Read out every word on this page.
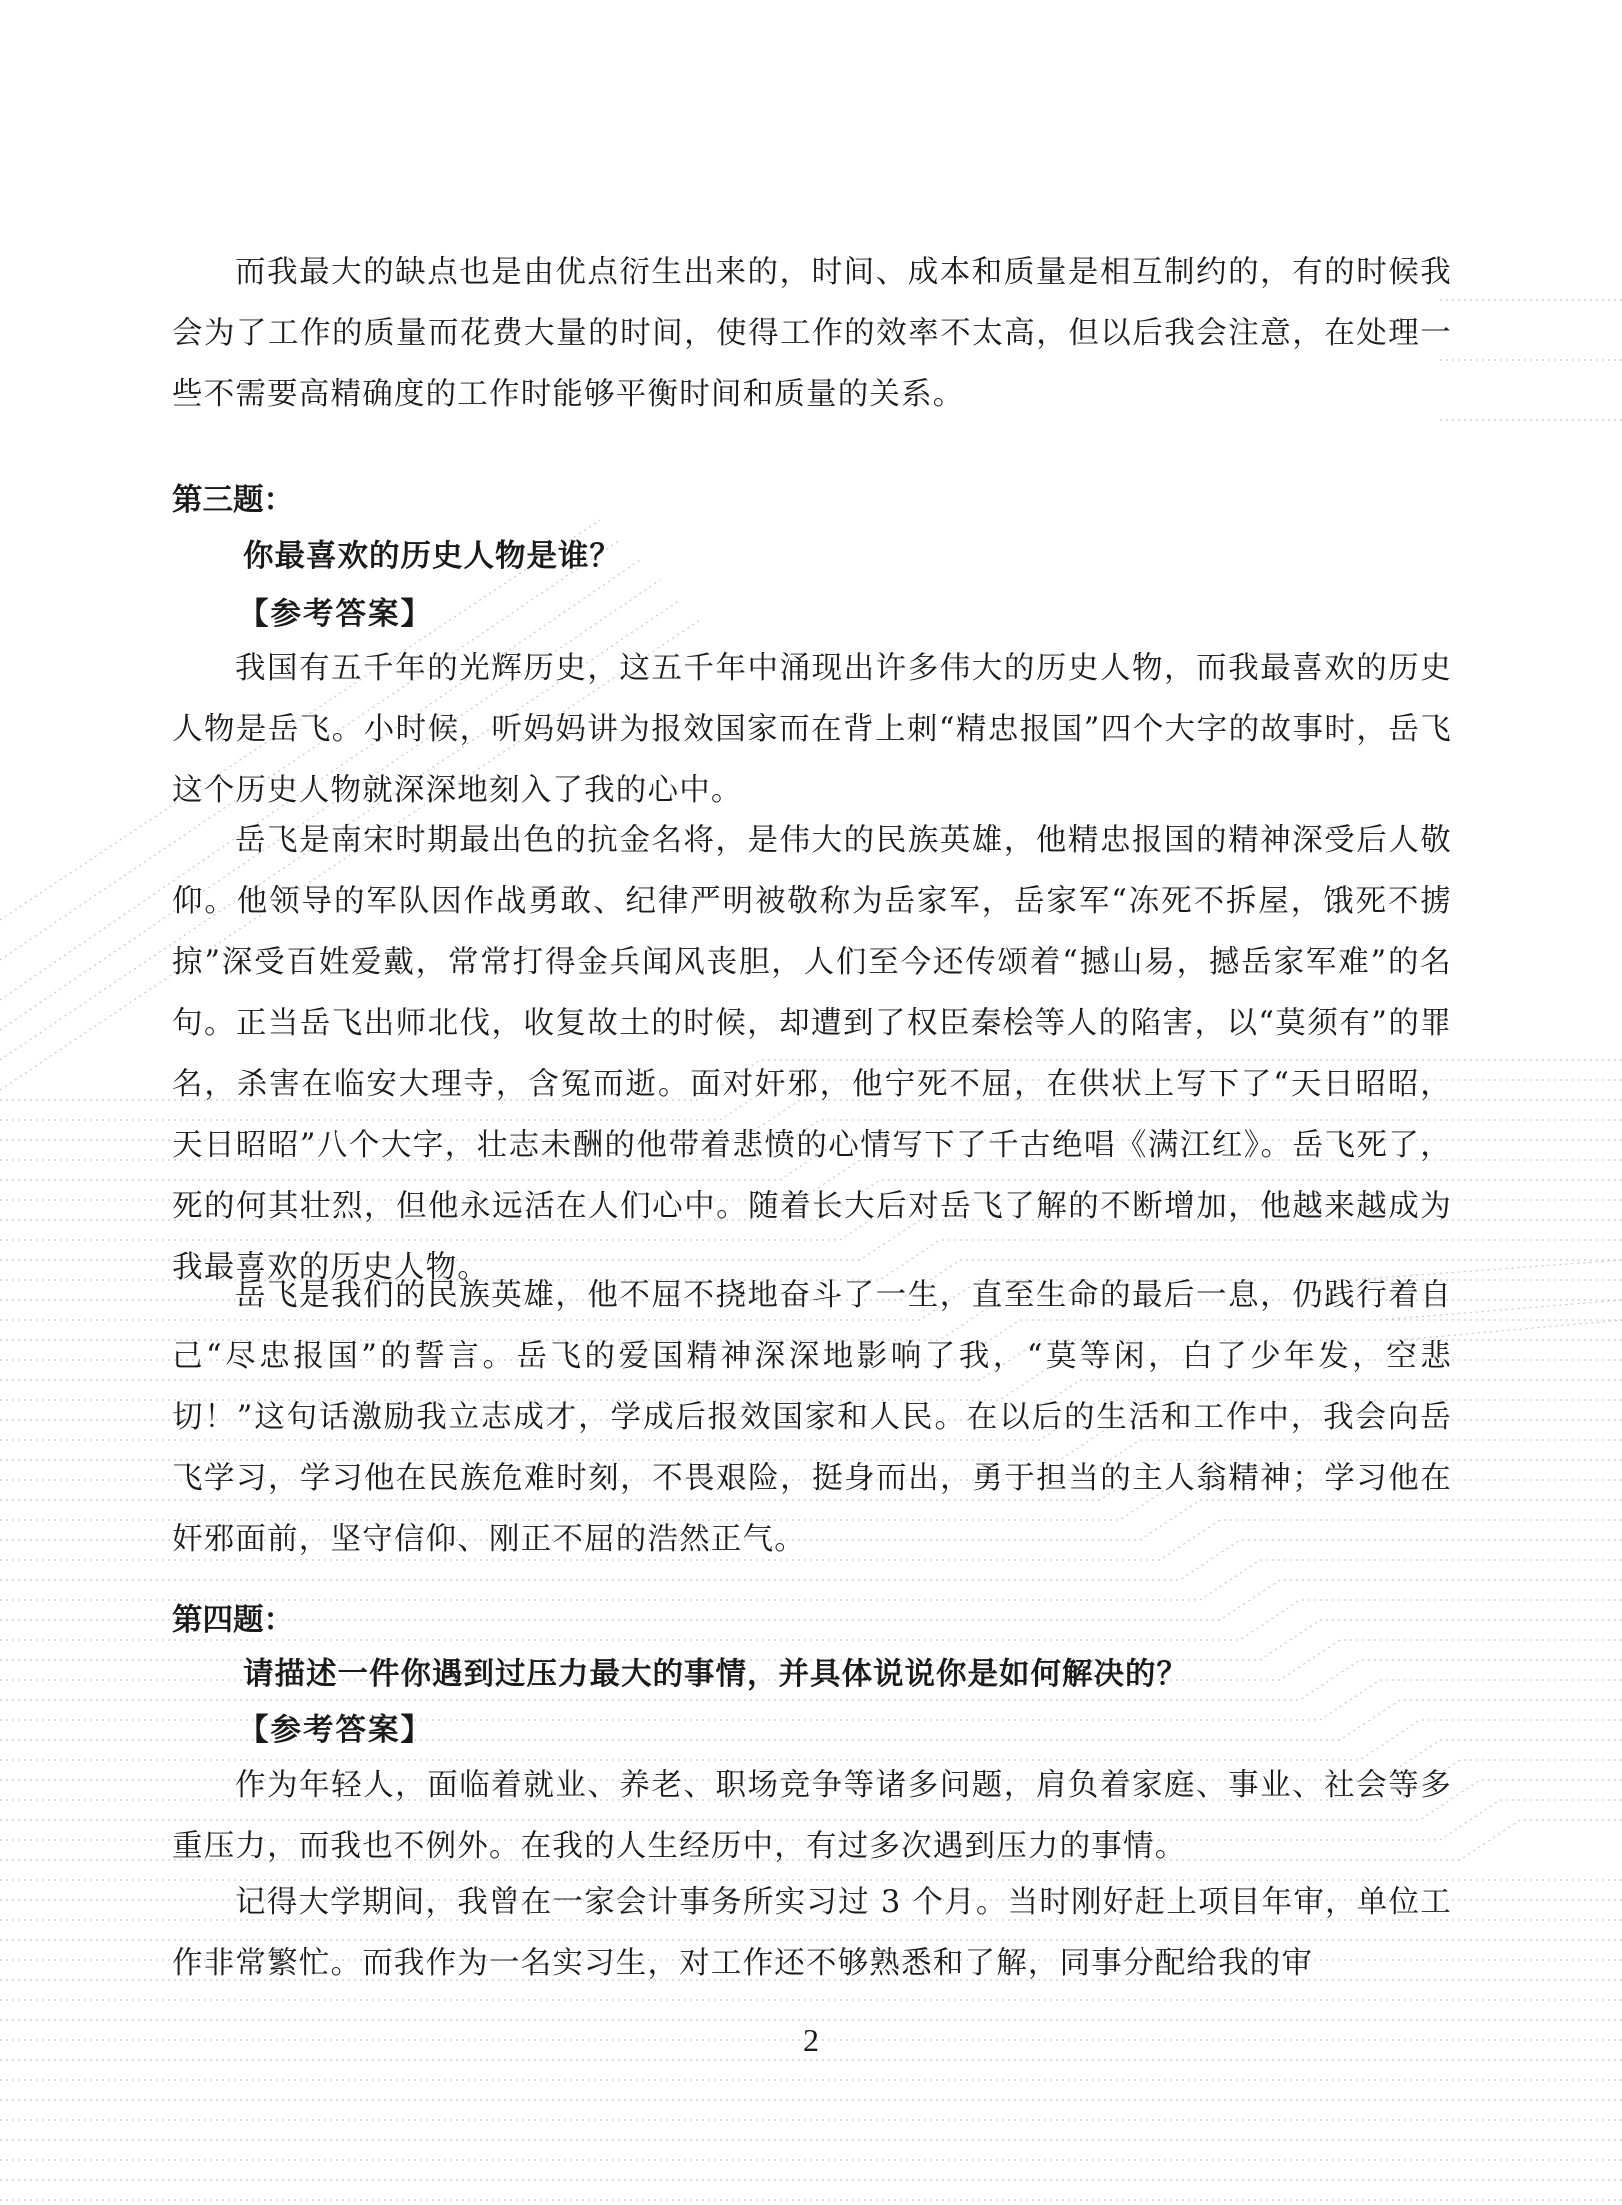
而我最大的缺点也是由优点衍生出来的，时间、成本和质量是相互制约的，有的时候我会为了工作的质量而花费大量的时间，使得工作的效率不太高，但以后我会注意，在处理一些不需要高精确度的工作时能够平衡时间和质量的关系。

第三题：

你最喜欢的历史人物是谁？

【参考答案】

我国有五千年的光辉历史，这五千年中涌现出许多伟大的历史人物，而我最喜欢的历史人物是岳飞。小时候，听妈妈讲为报效国家而在背上刺“精忠报国”四个大字的故事时，岳飞这个历史人物就深深地刻入了我的心中。

岳飞是南宋时期最出色的抗金名将，是伟大的民族英雄，他精忠报国的精神深受后人敬仰。他领导的军队因作战勇敢、纪律严明被敬称为岳家军，岳家军“冻死不拆屋，饿死不掳掠”深受百姓爱戴，常常打得金兵闻风丧胆，人们至今还传颂着“撼山易，撼岳家军难”的名句。正当岳飞出师北伐，收复故土的时候，却遭到了权臣秦桧等人的陷害，以“莫须有”的罪名，杀害在临安大理寺，含冤而逝。面对奸邪，他宁死不屈，在供状上写下了“天日昭昭，天日昭昭”八个大字，壮志未酬的他带着悲愤的心情写下了千古绝唱《满江红》。岳飞死了，死的何其壮烈，但他永远活在人们心中。随着长大后对岳飞了解的不断增加，他越来越成为我最喜欢的历史人物。

岳飞是我们的民族英雄，他不屈不挠地奋斗了一生，直至生命的最后一息，仍践行着自己“尽忠报国”的誓言。岳飞的爱国精神深深地影响了我，“莫等闲，白了少年发，空悲切！”这句话激励我立志成才，学成后报效国家和人民。在以后的生活和工作中，我会向岳飞学习，学习他在民族危难时刻，不畏艰险，挺身而出，勇于担当的主人翁精神；学习他在奸邪面前，坚守信仰、刚正不屈的浩然正气。

第四题：

请描述一件你遇到过压力最大的事情，并具体说说你是如何解决的？

【参考答案】

作为年轻人，面临着就业、养老、职场竞争等诸多问题，肩负着家庭、事业、社会等多重压力，而我也不例外。在我的人生经历中，有过多次遇到压力的事情。

记得大学期间，我曾在一家会计事务所实习过 3 个月。当时刚好赶上项目年审，单位工作非常繁忙。而我作为一名实习生，对工作还不够熟悉和了解，同事分配给我的审

2
